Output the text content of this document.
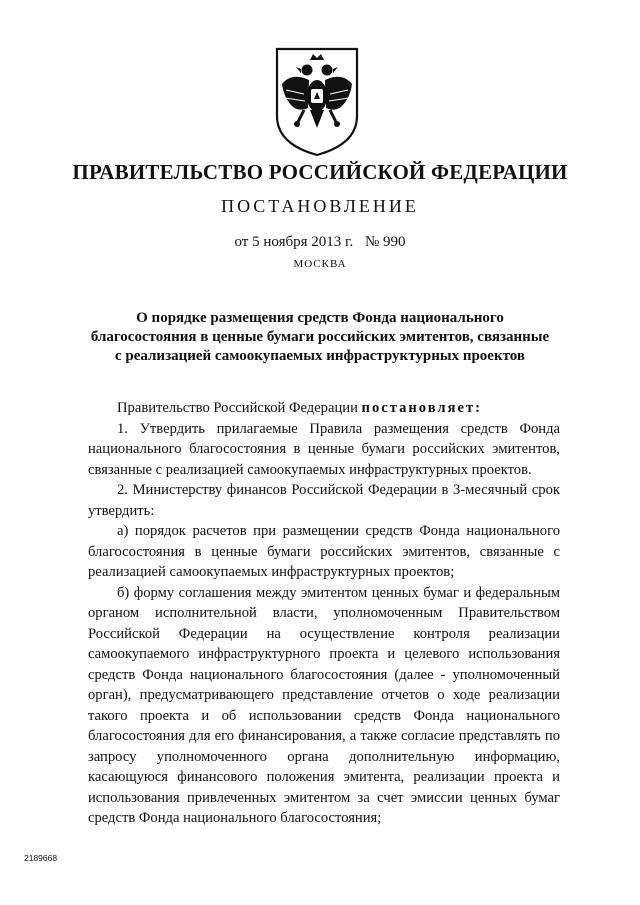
ПРАВИТЕЛЬСТВО РОССИЙСКОЙ ФЕДЕРАЦИИ
ПОСТАНОВЛЕНИЕ
от 5 ноября 2013 г. № 990
МОСКВА
О порядке размещения средств Фонда национального благосостояния в ценные бумаги российских эмитентов, связанные с реализацией самоокупаемых инфраструктурных проектов

Правительство Российской Федерации постановляет:

1. Утвердить прилагаемые Правила размещения средств Фонда национального благосостояния в ценные бумаги российских эмитентов, связанные с реализацией самоокупаемых инфраструктурных проектов.

2. Министерству финансов Российской Федерации в 3-месячный срок утвердить:

а) порядок расчетов при размещении средств Фонда национального благосостояния в ценные бумаги российских эмитентов, связанные с реализацией самоокупаемых инфраструктурных проектов;

б) форму соглашения между эмитентом ценных бумаг и федеральным органом исполнительной власти, уполномоченным Правительством Российской Федерации на осуществление контроля реализации самоокупаемого инфраструктурного проекта и целевого использования средств Фонда национального благосостояния (далее - уполномоченный орган), предусматривающего представление отчетов о ходе реализации такого проекта и об использовании средств Фонда национального благосостояния для его финансирования, а также согласие представлять по запросу уполномоченного органа дополнительную информацию, касающуюся финансового положения эмитента, реализации проекта и использования привлеченных эмитентом за счет эмиссии ценных бумаг средств Фонда национального благосостояния;

2189668
